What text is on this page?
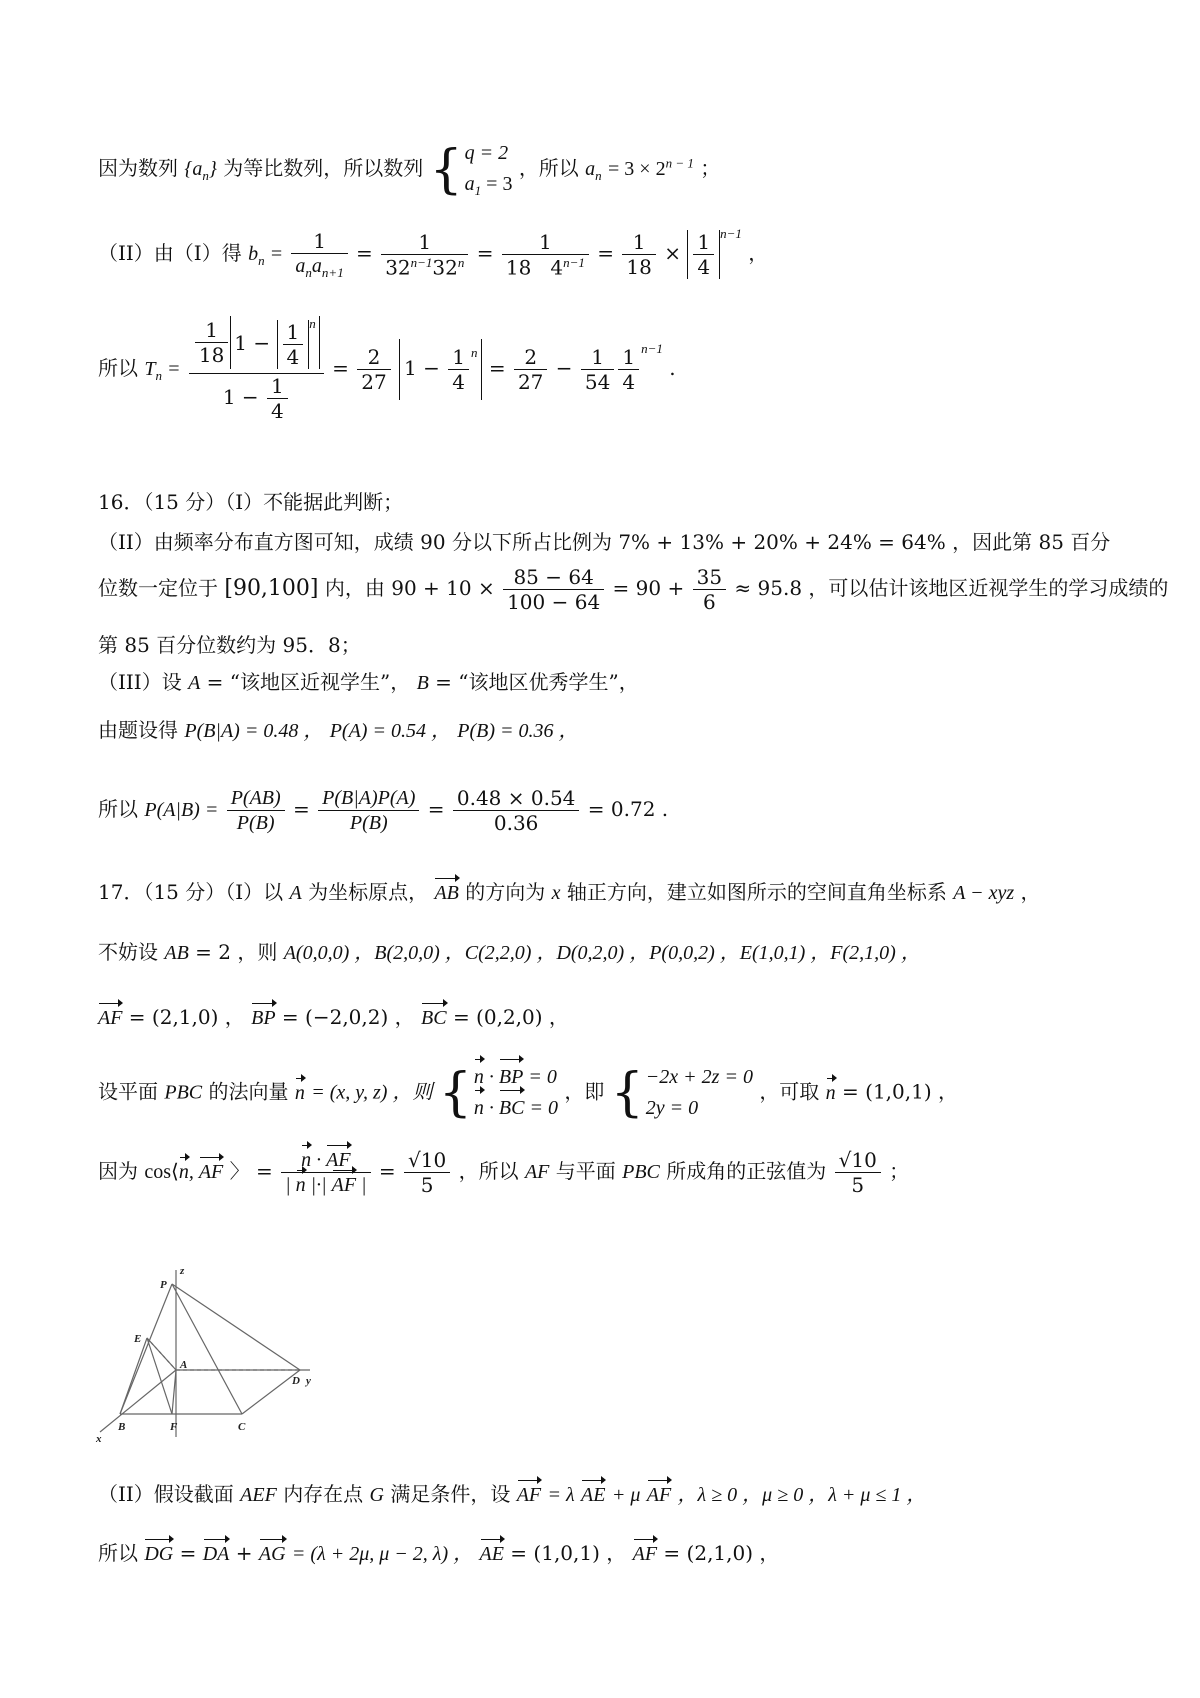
因为数列 $\{a_n\}$ 为等比数列，所以数列 { q = 2
$a_1 = 3$ ，所以 $a_n = 3 \times 2^{n - 1}$ ；
（II）由（I）得 $b_n = \frac{1}{a_na_{n+1}} = \frac{1}{32^{n-1}32^n} = \frac{1}{18 4^{n-1}} = \frac{1}{18} \times \frac{1}{4} ^{n-1}$ ，
所以 $T_n = \frac{\frac{1}{18} 1 - \frac{1}{4} ^n}{1 - \frac{1}{4}} = \frac{2}{27} 1 - \frac{1}{4} ^n = \frac{2}{27} - \frac{1}{54} \frac{1}{4} ^{n-1}$ .
16．（15 分）（I）不能据此判断；
（II）由频率分布直方图可知，成绩 90 分以下所占比例为 7% + 13% + 20% + 24% = 64% ，因此第 85 百分
位数一定位于 [90,100] 内，由 $90 + 10 \times \frac{85 - 64}{100 - 64} = 90 + \frac{35}{6} \approx 95.8$ ，可以估计该地区近视学生的学习成绩的
第 85 百分位数约为 95．8；
（III）设 A = “该地区近视学生”， B = “该地区优秀学生”，
由题设得 P(B|A) = 0.48 ， P(A) = 0.54 ， P(B) = 0.36 ，
所以 $P(A|B) = \frac{P(AB)}{P(B)} = \frac{P(B|A)P(A)}{P(B)} = \frac{0.48 \times 0.54}{0.36} = 0.72$ .
17．（15 分）（I）以 A 为坐标原点， AB 的方向为 x 轴正方向，建立如图所示的空间直角坐标系 A − xyz ，
不妨设 AB = 2 ，则 A(0,0,0) ，B(2,0,0) ，C(2,2,0) ，D(0,2,0) ，P(0,0,2) ，E(1,0,1) ，F(2,1,0) ，
AF = (2,1,0) ， BP = (−2,0,2) ， BC = (0,2,0) ，
设平面 PBC 的法向量 n = (x, y, z) ，则 { n · BP = 0
n · BC = 0 ，即 { −2x + 2z = 0
2y = 0 ，可取 n = (1,0,1) ，
因为 cos⟨n, AF 〉 = $\frac{n \cdot AF}{| n |\cdot| AF |} = \frac{√10}{5}$ ，所以 AF 与平面 PBC 所成角的正弦值为 $\frac{√10}{5}$ ；
P
z
E
A
D y
x
B	F	C
（II）假设截面 AEF 内存在点 G 满足条件，设 AF = λ AE + μ AF ，λ ≥ 0 ，μ ≥ 0 ，λ + μ ≤ 1 ，
所以 DG = DA + AG = (λ + 2μ, μ − 2, λ) ， AE = (1,0,1) ， AF = (2,1,0) ，
